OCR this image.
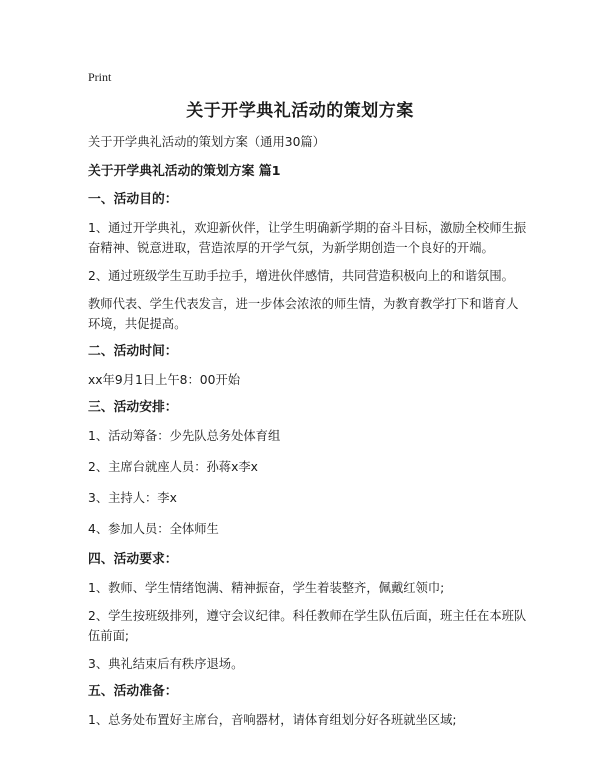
Print
关于开学典礼活动的策划方案

关于开学典礼活动的策划方案（通用30篇）

关于开学典礼活动的策划方案 篇1

一、活动目的：

1、通过开学典礼，欢迎新伙伴，让学生明确新学期的奋斗目标，激励全校师生振奋精神、锐意进取，营造浓厚的开学气氛，为新学期创造一个良好的开端。

2、通过班级学生互助手拉手，增进伙伴感情，共同营造积极向上的和谐氛围。

教师代表、学生代表发言，进一步体会浓浓的师生情，为教育教学打下和谐育人环境，共促提高。

二、活动时间：

xx年9月1日上午8：00开始

三、活动安排：

1、活动筹备：少先队总务处体育组

2、主席台就座人员：孙蒋x李x

3、主持人：李x

4、参加人员：全体师生

四、活动要求：

1、教师、学生情绪饱满、精神振奋，学生着装整齐，佩戴红领巾;

2、学生按班级排列，遵守会议纪律。科任教师在学生队伍后面，班主任在本班队伍前面;

3、典礼结束后有秩序退场。

五、活动准备：

1、总务处布置好主席台，音响器材，请体育组划分好各班就坐区域;
